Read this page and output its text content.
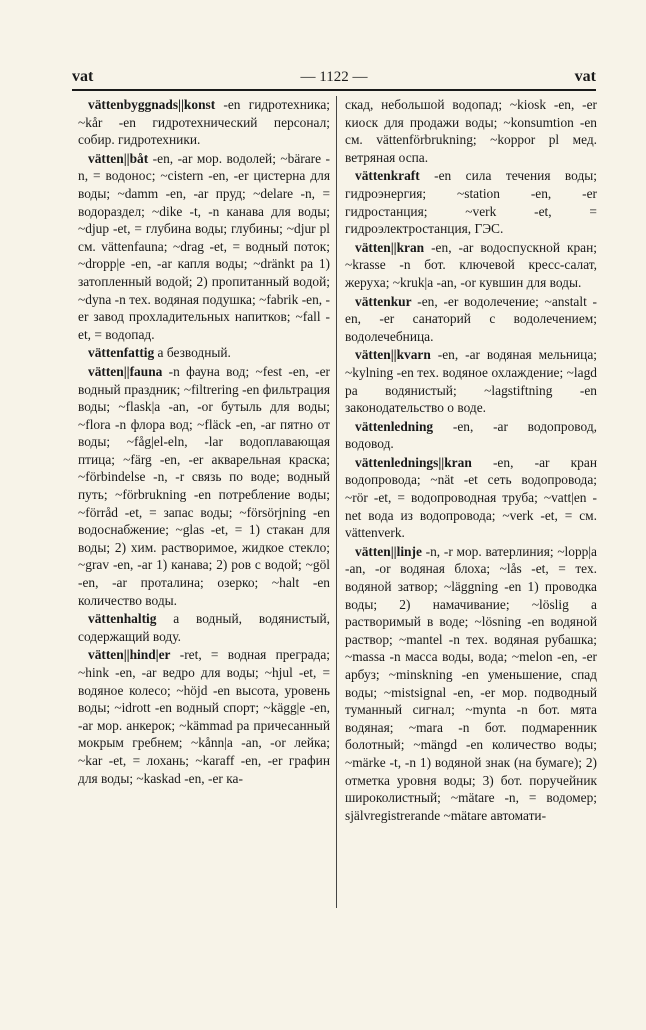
vat	— 1122 —	vat

vättenbyggnads||konst -en гидротехника; ~kår -en гидротехнический персонал; собир. гидротехники.

vätten||båt -en, -ar мор. водолей; ~bärare -n, = водонос; ~cistern -en, -er цистерна для воды; ~damm -en, -ar пруд; ~delare -n, = водораздел; ~dike -t, -n канава для воды; ~djup -et, = глубина воды; глубины; ~djur pl см. vättenfauna; ~drag -et, = водный поток; ~dropp|e -en, -ar капля воды; ~dränkt pa 1) затопленный водой; 2) пропитанный водой; ~dyna -n тех. водяная подушка; ~fabrik -en, -er завод прохладительных напитков; ~fall -et, = водопад.

vättenfattig a безводный.

vätten||fauna -n фауна вод; ~fest -en, -er водный праздник; ~filtrering -en фильтрация воды; ~flask|a -an, -or бутыль для воды; ~flora -n флора вод; ~fläck -en, -ar пятно от воды; ~fåg|el-eln, -lar водоплавающая птица; ~färg -en, -er акварельная краска; ~förbindelse -n, -r связь по воде; водный путь; ~förbrukning -en потребление воды; ~förråd -et, = запас воды; ~försörjning -en водоснабжение; ~glas -et, = 1) стакан для воды; 2) хим. растворимое, жидкое стекло; ~grav -en, -ar 1) канава; 2) ров с водой; ~göl -en, -ar проталина; озерко; ~halt -en количество воды.

vättenhaltig a водный, водянистый, содержащий воду.

vätten||hind|er -ret, = водная преграда; ~hink -en, -ar ведро для воды; ~hjul -et, = водяное колесо; ~höjd -en высота, уровень воды; ~idrott -en водный спорт; ~kägg|e -en, -ar мор. анкерок; ~kämmad pa причесанный мокрым гребнем; ~kånn|a -an, -or лейка; ~kar -et, = лохань; ~karaff -en, -er графин для воды; ~kaskad -en, -er ка-

скад, небольшой водопад; ~kiosk -en, -er киоск для продажи воды; ~konsumtion -en см. vättenförbrukning; ~koppor pl мед. ветряная оспа.

vättenkraft -en сила течения воды; гидроэнергия; ~station -en, -er гидростанция; ~verk -et, = гидроэлектростанция, ГЭС.

vätten||kran -en, -ar водоспускной кран; ~krasse -n бот. ключевой кресс-салат, жеруха; ~kruk|a -an, -or кувшин для воды.

vättenkur -en, -er водолечение; ~anstalt -en, -er санаторий с водолечением; водолечебница.

vätten||kvarn -en, -ar водяная мельница; ~kylning -en тех. водяное охлаждение; ~lagd pa водянистый; ~lagstiftning -en законодательство о воде.

vättenledning -en, -ar водопровод, водовод.

vättenlednings||kran -en, -ar кран водопровода; ~nät -et сеть водопровода; ~rör -et, = водопроводная труба; ~vatt|en -net вода из водопровода; ~verk -et, = см. vättenverk.

vätten||linje -n, -r мор. ватерлиния; ~lopp|a -an, -or водяная блоха; ~lås -et, = тех. водяной затвор; ~läggning -en 1) проводка воды; 2) намачивание; ~löslig a растворимый в воде; ~lösning -en водяной раствор; ~mantel -n тех. водяная рубашка; ~massa -n масса воды, вода; ~melon -en, -er арбуз; ~minskning -en уменьшение, спад воды; ~mistsignal -en, -er мор. подводный туманный сигнал; ~mynta -n бот. мята водяная; ~mara -n бот. подмаренник болотный; ~mängd -en количество воды; ~märke -t, -n 1) водяной знак (на бумаге); 2) отметка уровня воды; 3) бот. поручейник широколистный; ~mätare -n, = водомер; självregistrerande ~mätare автомати-
